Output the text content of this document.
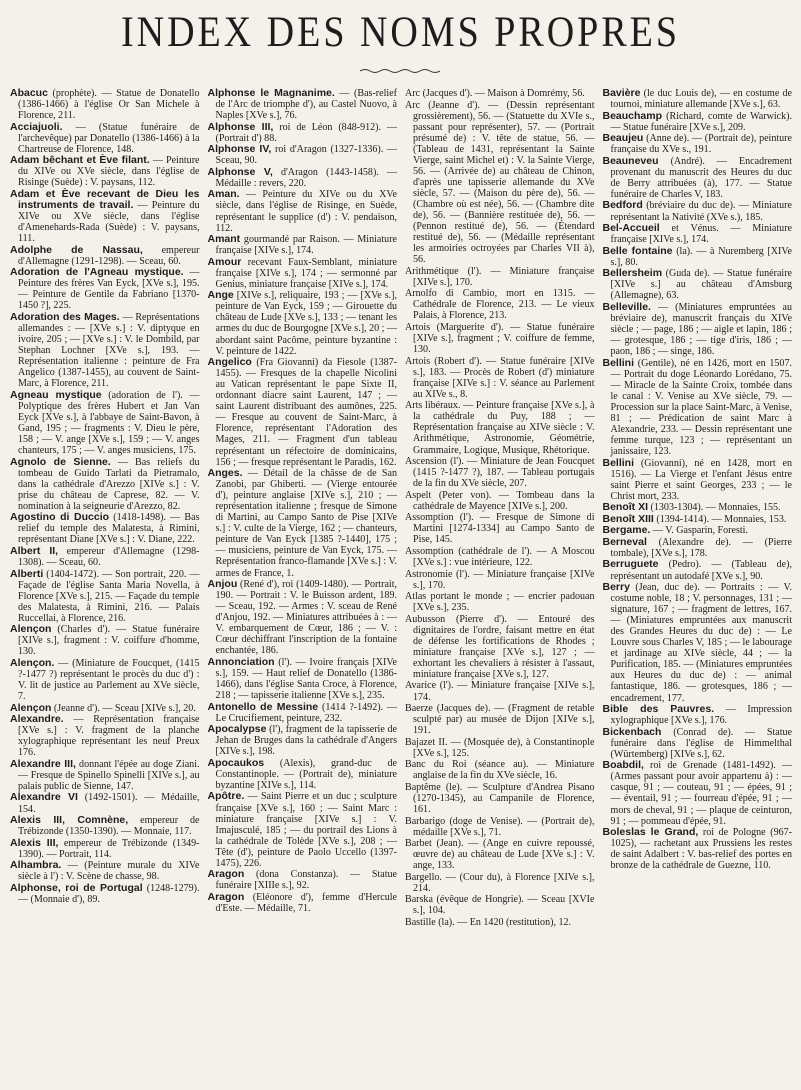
INDEX DES NOMS PROPRES
Abacuc (prophète). — Statue de Donatello (1386-1466) à l'église Or San Michele à Florence, 211.
Acciajuoli. — (Statue funéraire de l'archevêque) par Donatello (1386-1466) à la Chartreuse de Florence, 148.
Adam bêchant et Ève filant. — Peinture du XIVe ou XVe siècle, dans l'église de Risinge (Suède) : V. paysans, 112.
Adam et Ève recevant de Dieu les instruments de travail. — Peinture du XIVe ou XVe siècle, dans l'église d'Amenehards-Rada (Suède) : V. paysans, 111.
Adolphe de Nassau, empereur d'Allemagne (1291-1298). — Sceau, 60.
Adoration de l'Agneau mystique. — Peinture des frères Van Eyck, [XVe s.], 195. — Peinture de Gentile da Fabriano [1370-1450 ?], 225.
Adoration des Mages. — Représentations allemandes : — [XVe s.] : V. diptyque en ivoire, 205 ; — [XVe s.] : V. le Dombild, par Stephan Lochner [XVe s.], 193. — Représentation italienne : peinture de Fra Angelico (1387-1455), au couvent de Saint-Marc, à Florence, 211.
Agneau mystique (adoration de l'). — Polyptique des frères Hubert et Jan Van Eyck [XVe s.], à l'abbaye de Saint-Bavon, à Gand, 195 ; — fragments : V. Dieu le père, 158 ; — V. ange [XVe s.], 159 ; — V. anges chanteurs, 175 ; — V. anges musiciens, 175.
Agnolo de Sienne. — Bas reliefs du tombeau de Guido Tarlati da Pietramalo, dans la cathédrale d'Arezzo [XIVe s.] : V. prise du château de Caprese, 82. — V. nomination à la seigneurie d'Arezzo, 82.
Agostino di Duccio (1418-1498). — Bas relief du temple des Malatesta, à Rimini, représentant Diane [XVe s.] : V. Diane, 222.
Albert II, empereur d'Allemagne (1298-1308). — Sceau, 60.
Alberti (1404-1472). — Son portrait, 220. — Façade de l'église Santa Maria Novella, à Florence [XVe s.], 215. — Façade du temple des Malatesta, à Rimini, 216. — Palais Ruccellai, à Florence, 216.
Alençon (Charles d'). — Statue funéraire [XIVe s.], fragment : V. coiffure d'homme, 130.
Alençon. — (Miniature de Foucquet, (1415 ?-1477 ?) représentant le procès du duc d') : V. lit de justice au Parlement au XVe siècle, 7.
Alençon (Jeanne d'). — Sceau [XIVe s.], 20.
Alexandre. — Représentation française [XVe s.] : V. fragment de la planche xylographique représentant les neuf Preux 176.
Alexandre III, donnant l'épée au doge Ziani. — Fresque de Spinello Spinelli [XIVe s.], au palais public de Sienne, 147.
Alexandre VI (1492-1501). — Médaille, 154.
Alexis III, Comnène, empereur de Trébizonde (1350-1390). — Monnaie, 117.
Alexis III, empereur de Trébizonde (1349-1390). — Portrait, 114.
Alhambra. — (Peinture murale du XIVe siècle à l') : V. Scène de chasse, 98.
Alphonse, roi de Portugal (1248-1279). — (Monnaie d'), 89.
Alphonse le Magnanime. — (Bas-relief de l'Arc de triomphe d'), au Castel Nuovo, à Naples [XVe s.], 76.
Alphonse III, roi de Léon (848-912). — (Portrait d') 88.
Alphonse IV, roi d'Aragon (1327-1336). — Sceau, 90.
Alphonse V, d'Aragon (1443-1458). — Médaille : revers, 220.
Aman. — Peinture du XIVe ou du XVe siècle, dans l'église de Risinge, en Suède, représentant le supplice (d') : V. pendaison, 112.
Amant gourmandé par Raison. — Miniature française [XIVe s.], 174.
Amour recevant Faux-Semblant, miniature française [XIVe s.], 174 ; — sermonné par Genius, miniature française [XIVe s.], 174.
Ange [XIVe s.], reliquaire, 193 ; — [XVe s.], peinture de Van Eyck, 159 ; — Girouette du château de Lude [XVe s.], 133 ; — tenant les armes du duc de Bourgogne [XVe s.], 20 ; — abordant saint Pacôme, peinture byzantine : V. peinture de 1422.
Angelico (Fra Giovanni) da Fiesole (1387-1455). — Fresques de la chapelle Nicolini au Vatican représentant le pape Sixte II, ordonnant diacre saint Laurent, 147 ; — saint Laurent distribuant des aumônes, 225. — Fresque au couvent de Saint-Marc, à Florence, représentant l'Adoration des Mages, 211. — Fragment d'un tableau représentant un réfectoire de dominicains, 156 ; — fresque représentant le Paradis, 162.
Anges. — Détail de la châsse de de San Zanobi, par Ghiberti. — (Vierge entourée d'), peinture anglaise [XIVe s.], 210 ; — représentation italienne ; fresque de Simone di Martini, au Campo Santo de Pise [XIVe s.] : V. culte de la Vierge, 162 ; — chanteurs, peinture de Van Eyck [1385 ?-1440], 175 ; — musiciens, peinture de Van Eyck, 175. — Représentation franco-flamande [XVe s.] : V. armes de France, 1.
Anjou (René d'), roi (1409-1480). — Portrait, 190. — Portrait : V. le Buisson ardent, 189. — Sceau, 192. — Armes : V. sceau de René d'Anjou, 192. — Miniatures attribuées à : — V. embarquement de Cœur, 186 ; — V. : Cœur déchiffrant l'inscription de la fontaine enchantée, 186.
Annonciation (l'). — Ivoire français [XIVe s.], 159. — Haut relief de Donatello (1386-1466), dans l'église Santa Croce, à Florence, 218 ; — tapisserie italienne [XVe s.], 235.
Antonello de Messine (1414 ?-1492). — Le Crucifiement, peinture, 232.
Apocalypse (l'), fragment de la tapisserie de Jehan de Bruges dans la cathédrale d'Angers [XIVe s.], 198.
Apocaukos (Alexis), grand-duc de Constantinople. — (Portrait de), miniature byzantine [XIVe s.], 114.
Apôtre. — Saint Pierre et un duc ; sculpture française [XVe s.], 160 ; — Saint Marc : miniature française [XIVe s.] : V. Imajusculé, 185 ; — du portrail des Lions à la cathédrale de Tolède [XVe s.], 208 ; — Tête (d'), peinture de Paolo Uccello (1397-1475), 226.
Aragon (dona Constanza). — Statue funéraire [XIIIe s.], 92.
Aragon (Eléonore d'), femme d'Hercule d'Este. — Médaille, 71.
Arc (Jacques d'). — Maison à Domrémy, 56.
Arc (Jeanne d'). — (Dessin représentant grossièrement), 56. — (Statuette du XVIe s., passant pour représenter), 57. — (Portrait présumé de) : V. tête de statue, 56. — (Tableau de 1431, représentant la Sainte Vierge, saint Michel et) : V. la Sainte Vierge, 56. — (Arrivée de) au château de Chinon, d'après une tapisserie allemande du XVe siècle, 57. — (Maison du père de), 56. — (Chambre où est née), 56. — (Chambre dite de), 56. — (Bannière restituée de), 56. — (Pennon restitué de), 56. — (Étendard restitué de), 56. — (Médaille représentant les armoiries octroyées par Charles VII à), 56.
Arithmétique (l'). — Miniature française [XIVe s.], 170.
Arnolfo di Cambio, mort en 1315. — Cathédrale de Florence, 213. — Le vieux Palais, à Florence, 213.
Artois (Marguerite d'). — Statue funéraire [XIVe s.], fragment ; V. coiffure de femme, 130.
Artois (Robert d'). — Statue funéraire [XIVe s.], 183. — Procès de Robert (d') miniature française [XIVe s.] : V. séance au Parlement au XIVe s., 8.
Arts libéraux. — Peinture française [XVe s.], à la cathédrale du Puy, 188 ; — Représentation française au XIVe siècle : V. Arithmétique, Astronomie, Géométrie, Grammaire, Logique, Musique, Rhétorique.
Ascension (l'). — Miniature de Jean Foucquet (1415 ?-1477 ?), 187. — Tableau portugais de la fin du XVe siècle, 207.
Aspelt (Peter von). — Tombeau dans la cathédrale de Mayence [XIVe s.], 200.
Assomption (l'). — Fresque de Simone di Martini [1274-1334] au Campo Santo de Pise, 145.
Assomption (cathédrale de l'). — A Moscou [XVe s.] : vue intérieure, 122.
Astronomie (l'). — Miniature française [XIVe s.], 170.
Atlas portant le monde ; — encrier padouan [XVe s.], 235.
Aubusson (Pierre d'). — Entouré des dignitaires de l'ordre, faisant mettre en état de défense les fortifications de Rhodes ; miniature française [XVe s.], 127 ; — exhortant les chevaliers à résister à l'assaut, miniature française [XVe s.], 127.
Avarice (l'). — Miniature française [XIVe s.], 174.
Baerze (Jacques de). — (Fragment de retable sculpté par) au musée de Dijon [XIVe s.], 191.
Bajazet II. — (Mosquée de), à Constantinople [XVe s.], 125.
Banc du Roi (séance au). — Miniature anglaise de la fin du XVe siècle, 16.
Baptême (le). — Sculpture d'Andrea Pisano (1270-1345), au Campanile de Florence, 161.
Barbarigo (doge de Venise). — (Portrait de), médaille [XVe s.], 71.
Barbet (Jean). — (Ange en cuivre repoussé, œuvre de) au château de Lude [XVe s.] : V. ange, 133.
Bargello. — (Cour du), à Florence [XIVe s.], 214.
Barska (évêque de Hongrie). — Sceau [XVIe s.], 104.
Bastille (la). — En 1420 (restitution), 12.
Bavière (le duc Louis de), — en costume de tournoi, miniature allemande [XVe s.], 63.
Beauchamp (Richard, comte de Warwick). — Statue funéraire [XVe s.], 209.
Beaujeu (Anne de). — (Portrait de), peinture française du XVe s., 191.
Beauneveu (André). — Encadrement provenant du manuscrit des Heures du duc de Berry attribuées (à), 177. — Statue funéraire de Charles V, 183.
Bedford (bréviaire du duc de). — Miniature représentant la Nativité (XVe s.), 185.
Bel-Accueil et Vénus. — Miniature française [XIVe s.], 174.
Belle fontaine (la). — à Nuremberg [XIVe s.], 80.
Bellersheim (Guda de). — Statue funéraire [XIVe s.] au château d'Amsburg (Allemagne), 63.
Belleville. — (Miniatures empruntées au bréviaire de), manuscrit français du XIVe siècle ; — page, 186 ; — aigle et lapin, 186 ; — grotesque, 186 ; — tige d'iris, 186 ; — paon, 186 ; — singe, 186.
Bellini (Gentile), né en 1426, mort en 1507. — Portrait du doge Léonardo Lorédano, 75. — Miracle de la Sainte Croix, tombée dans le canal : V. Venise au XVe siècle, 79. — Procession sur la place Saint-Marc, à Venise, 81 ; — Prédication de saint Marc à Alexandrie, 233. — Dessin représentant une femme turque, 123 ; — représentant un janissaire, 123.
Bellini (Giovanni), né en 1428, mort en 1516). — La Vierge et l'enfant Jésus entre saint Pierre et saint Georges, 233 ; — le Christ mort, 233.
Benoît XI (1303-1304). — Monnaies, 155.
Benoît XIII (1394-1414). — Monnaies, 153.
Bergame. — V. Gasparin, Foresti.
Berneval (Alexandre de). — (Pierre tombale), [XVe s.], 178.
Berruguete (Pedro). — (Tableau de), représentant un autodafé [XVe s.], 90.
Berry (Jean, duc de). — Portraits : — V. costume noble, 18 ; V. personnages, 131 ; — signature, 167 ; — fragment de lettres, 167. — (Miniatures empruntées aux manuscrit des Grandes Heures du duc de) : — Le Louvre sous Charles V, 185 ; — le labourage et jardinage au XIVe siècle, 44 ; — la Purification, 185. — (Miniatures empruntées aux Heures du duc de) : — animal fantastique, 186. — grotesques, 186 ; — encadrement, 177.
Bible des Pauvres. — Impression xylographique [XVe s.], 176.
Bickenbach (Conrad de). — Statue funéraire dans l'église de Himmelthal (Würtemberg) [XIVe s.], 62.
Boabdil, roi de Grenade (1481-1492). — (Armes passant pour avoir appartenu à) : — casque, 91 ; — couteau, 91 ; — épées, 91 ; — éventail, 91 ; — fourreau d'épée, 91 ; — mors de cheval, 91 ; — plaque de ceinturon, 91 ; — pommeau d'épée, 91.
Boleslas le Grand, roi de Pologne (967-1025), — rachetant aux Prussiens les restes de saint Adalbert : V. bas-relief des portes en bronze de la cathédrale de Guezne, 110.
